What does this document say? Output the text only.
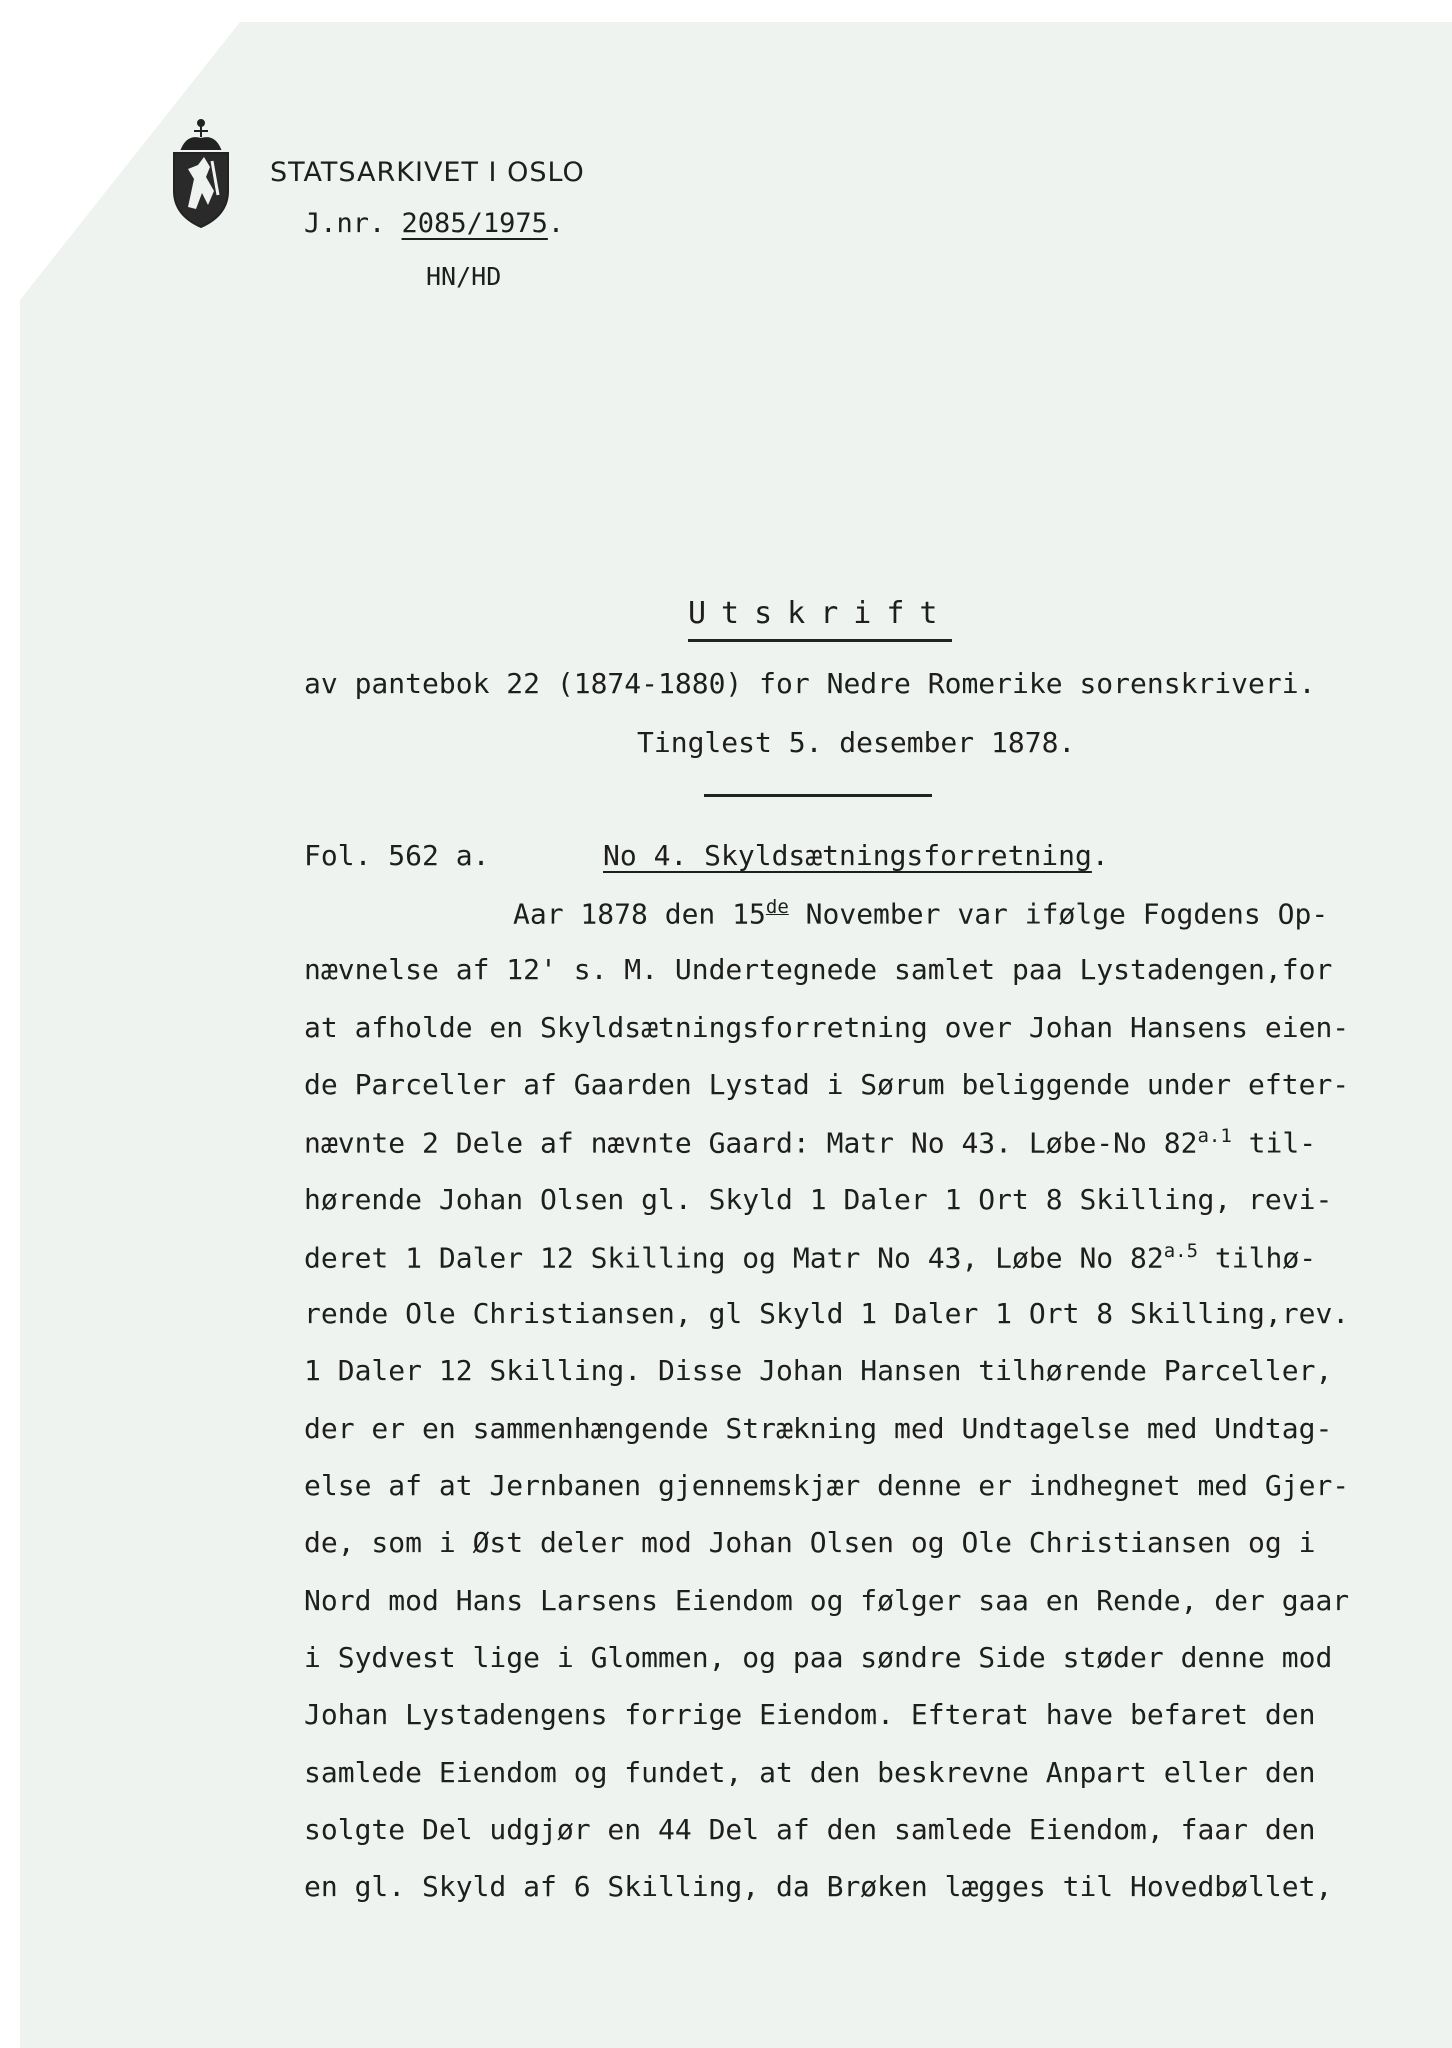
STATSARKIVET I OSLO
J.nr. 2085/1975.
HN/HD
Utskrift
av pantebok 22 (1874-1880) for Nedre Romerike sorenskriveri.
Tinglest 5. desember 1878.
Fol. 562 a.	No 4. Skyldsætningsforretning.
Aar 1878 den 15de November var ifølge Fogdens Op-
nævnelse af 12' s. M. Undertegnede samlet paa Lystadengen,for
at afholde en Skyldsætningsforretning over Johan Hansens eien-
de Parceller af Gaarden Lystad i Sørum beliggende under efter-
nævnte 2 Dele af nævnte Gaard: Matr No 43. Løbe-No $82^{a.1}$ til-
hørende Johan Olsen gl. Skyld 1 Daler 1 Ort 8 Skilling, revi-
deret 1 Daler 12 Skilling og Matr No 43, Løbe No $82^{a.5}$ tilhø-
rende Ole Christiansen, gl Skyld 1 Daler 1 Ort 8 Skilling,rev.
1 Daler 12 Skilling. Disse Johan Hansen tilhørende Parceller,
der er en sammenhængende Strækning med Undtagelse med Undtag-
else af at Jernbanen gjennemskjær denne er indhegnet med Gjer-
de, som i Øst deler mod Johan Olsen og Ole Christiansen og i
Nord mod Hans Larsens Eiendom og følger saa en Rende, der gaar
i Sydvest lige i Glommen, og paa søndre Side støder denne mod
Johan Lystadengens forrige Eiendom. Efterat have befaret den
samlede Eiendom og fundet, at den beskrevne Anpart eller den
solgte Del udgjør en 44 Del af den samlede Eiendom, faar den
en gl. Skyld af 6 Skilling, da Brøken lægges til Hovedbøllet,
